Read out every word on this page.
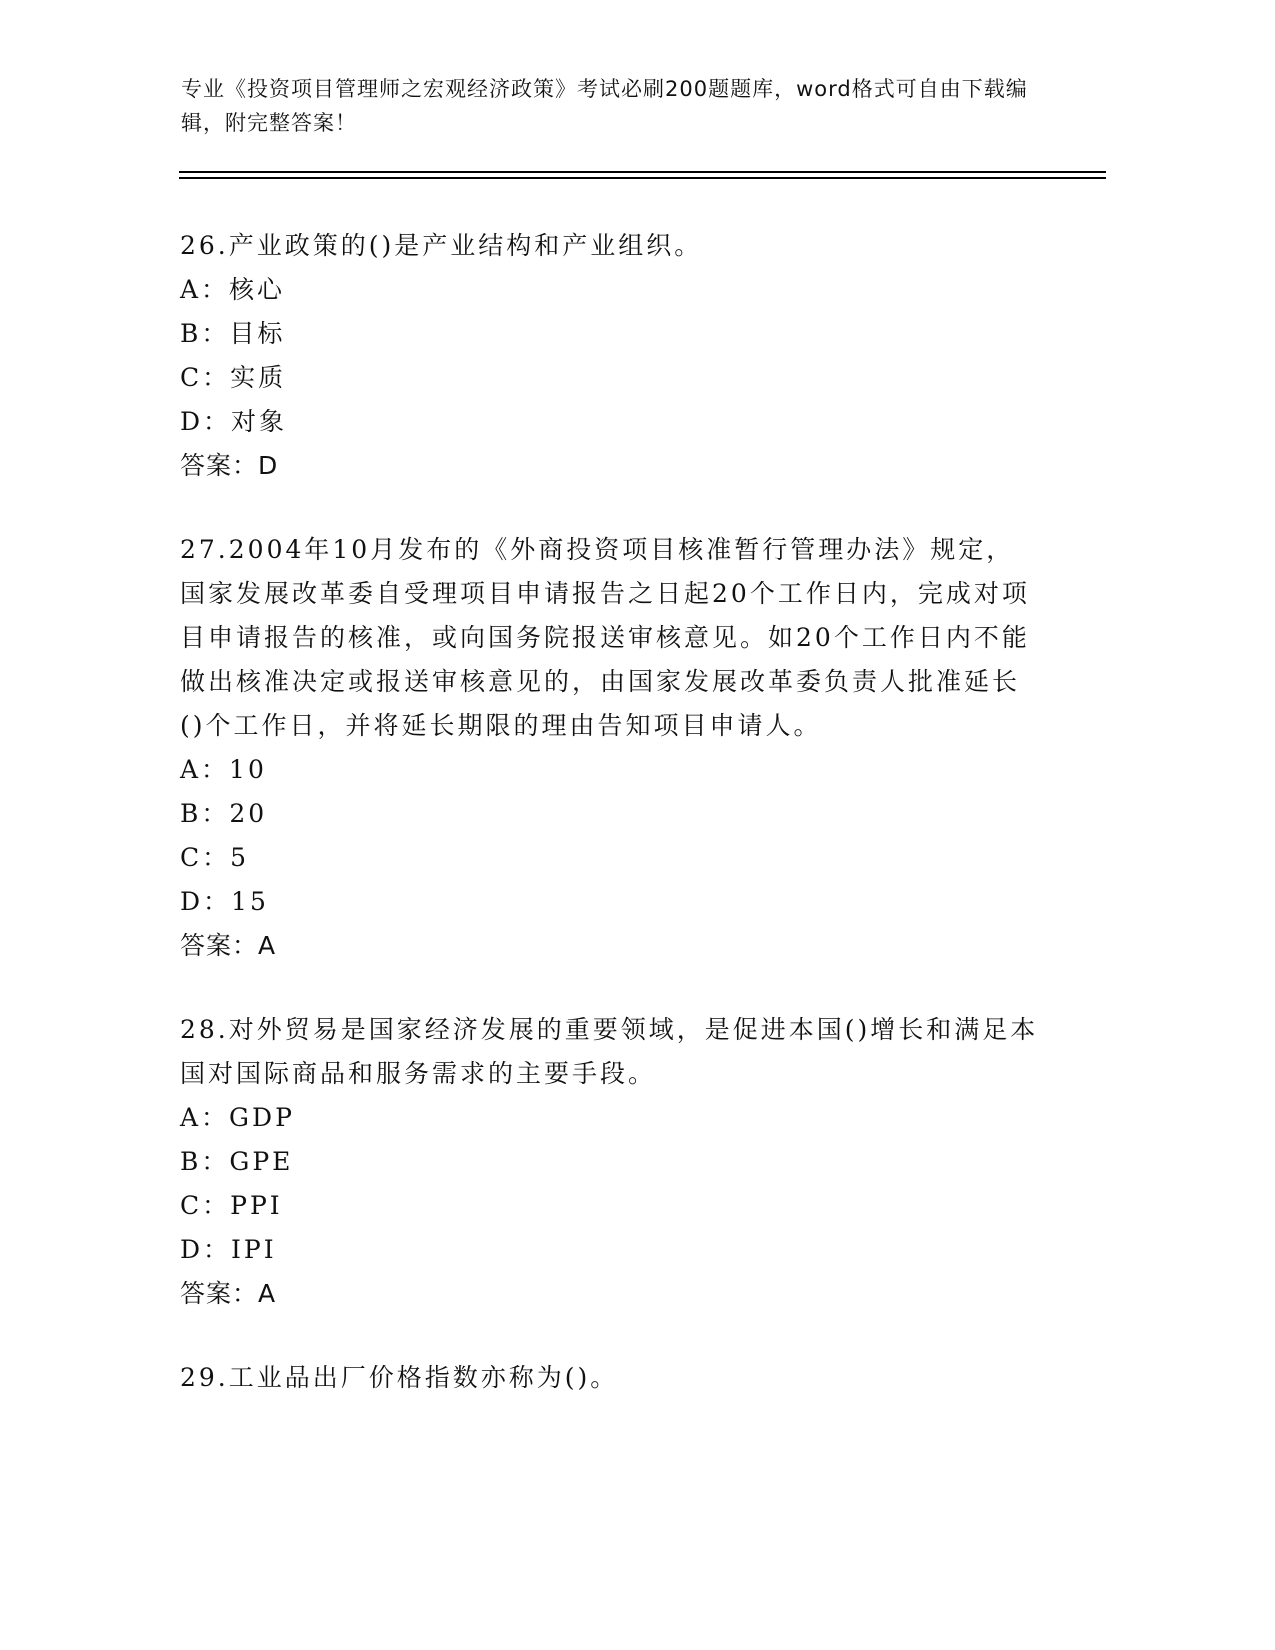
专业《投资项目管理师之宏观经济政策》考试必刷200题题库，word格式可自由下载编辑，附完整答案！
26.产业政策的()是产业结构和产业组织。
A：核心
B：目标
C：实质
D：对象
答案：D
27.2004年10月发布的《外商投资项目核准暂行管理办法》规定，国家发展改革委自受理项目申请报告之日起20个工作日内，完成对项目申请报告的核准，或向国务院报送审核意见。如20个工作日内不能做出核准决定或报送审核意见的，由国家发展改革委负责人批准延长()个工作日，并将延长期限的理由告知项目申请人。
A：10
B：20
C：5
D：15
答案：A
28.对外贸易是国家经济发展的重要领域，是促进本国()增长和满足本国对国际商品和服务需求的主要手段。
A：GDP
B：GPE
C：PPI
D：IPI
答案：A
29.工业品出厂价格指数亦称为()。
